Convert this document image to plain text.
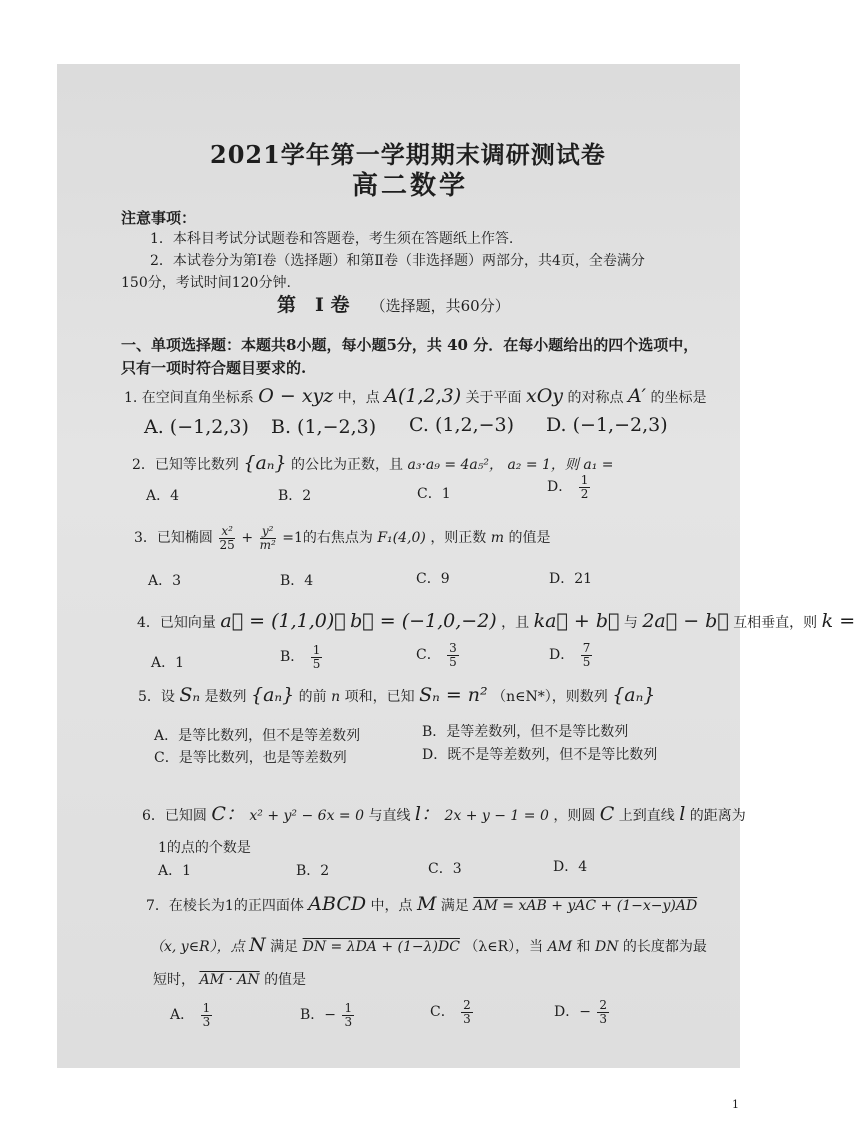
2021学年第一学期期末调研测试卷
高二数学
注意事项：
1．本科目考试分试题卷和答题卷，考生须在答题纸上作答.
2．本试卷分为第Ⅰ卷（选择题）和第Ⅱ卷（非选择题）两部分，共4页，全卷满分
150分，考试时间120分钟.
第　Ⅰ 卷 （选择题，共60分）
一、单项选择题：本题共8小题，每小题5分，共 40 分．在每小题给出的四个选项中，
只有一项时符合题目要求的.
1. 在空间直角坐标系 O − xyz 中，点 A(1,2,3) 关于平面 xOy 的对称点 A′ 的坐标是
A. (−1,2,3) B. (1,−2,3) C. (1,2,−3) D. (−1,−2,3)
2．已知等比数列 {aₙ} 的公比为正数，且 a₃·a₉ = 4a₅²， a₂ = 1，则 a₁ =
A．4	B．2	C．1	D． $\frac{1}{2}$
3．已知椭圆 $\frac{\text{x²}}{25} + \frac{\text{y²}}{\text{m²}} =1$的右焦点为 F₁(4,0) ，则正数 m 的值是
A．3	B．4	C．9	D．21
4．已知向量 a⃗ = (1,1,0)， b⃗ = (−1,0,−2) ，且 ka⃗ + b⃗ 与 2a⃗ − b⃗ 互相垂直，则 k =
A．1	B． $\frac{1}{5}$	C． $\frac{3}{5}$	D． $\frac{7}{5}$
5．设 Sₙ 是数列 {aₙ} 的前 n 项和，已知 Sₙ = n² （n∈N*），则数列 {aₙ}
A．是等比数列，但不是等差数列	B．是等差数列，但不是等比数列
C．是等比数列，也是等差数列	D．既不是等差数列，但不是等比数列
6．已知圆 C： x² + y² − 6x = 0 与直线 l： 2x + y − 1 = 0 ，则圆 C 上到直线 l 的距离为
1的点的个数是
A．1	B．2	C．3	D．4
7．在棱长为1的正四面体 ABCD 中，点 M 满足 AM = xAB + yAC + (1−x−y)AD
（x, y∈R），点 N 满足 DN = λDA + (1−λ)DC （λ∈R），当 AM 和 DN 的长度都为最
短时， AM · AN 的值是
A． $\frac{1}{3}$	B．− $\frac{1}{3}$	C． $\frac{2}{3}$	D．− $\frac{2}{3}$
1
